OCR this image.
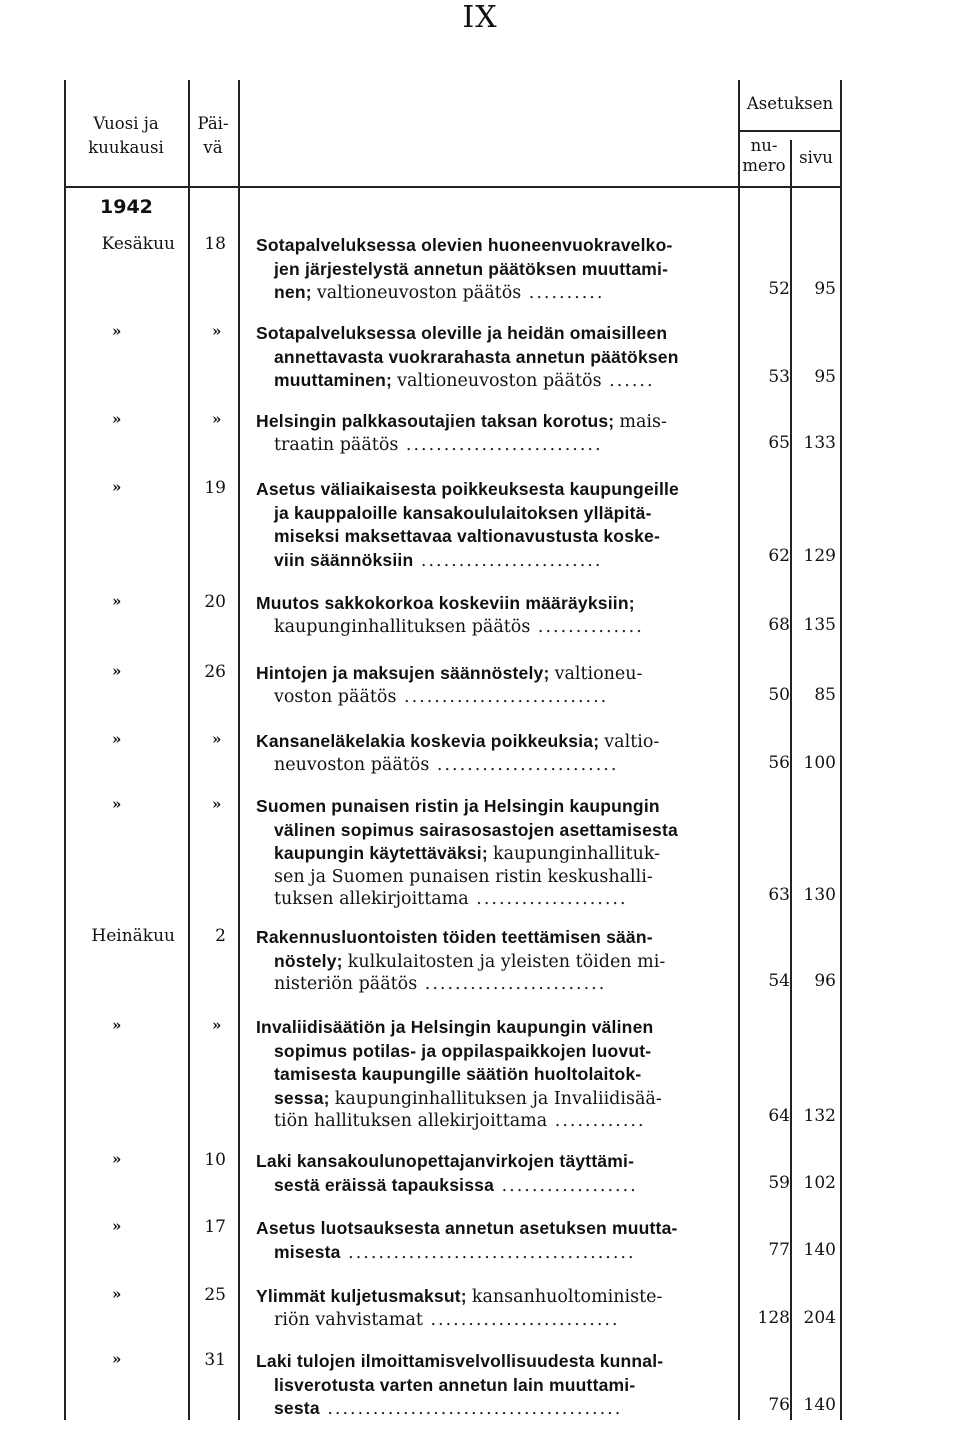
IX
Vuosi ja
kuukausi
Päi-
vä
Asetuksen
nu-
mero sivu
1942
Kesäkuu 18 Sotapalveluksessa olevien huoneenvuokravelko-
jen järjestelystä annetun päätöksen muuttami-
nen; valtioneuvoston päätös ..........	52 95
»	» Sotapalveluksessa oleville ja heidän omaisilleen
annettavasta vuokrarahasta annetun päätöksen
muuttaminen; valtioneuvoston päätös ......	53 95
»	» Helsingin palkkasoutajien taksan korotus; mais-
traatin päätös ..........................	65 133
»	19 Asetus väliaikaisesta poikkeuksesta kaupungeille
ja kauppaloille kansakoululaitoksen ylläpitä-
miseksi maksettavaa valtionavustusta koske-
viin säännöksiin ........................	62 129
»	20 Muutos sakkokorkoa koskeviin määräyksiin;
kaupunginhallituksen päätös ..............	68 135
»	26 Hintojen ja maksujen säännöstely; valtioneu-
voston päätös ...........................	50 85
»	» Kansaneläkelakia koskevia poikkeuksia; valtio-
neuvoston päätös ........................	56 100
»	» Suomen punaisen ristin ja Helsingin kaupungin
välinen sopimus sairasosastojen asettamisesta
kaupungin käytettäväksi; kaupunginhallituk-
sen ja Suomen punaisen ristin keskushalli-
tuksen allekirjoittama ....................	63 130
Heinäkuu 2 Rakennusluontoisten töiden teettämisen sään-
nöstely; kulkulaitosten ja yleisten töiden mi-
nisteriön päätös ........................	54 96
»	» Invaliidisäätiön ja Helsingin kaupungin välinen
sopimus potilas- ja oppilaspaikkojen luovut-
tamisesta kaupungille säätiön huoltolaitok-
sessa; kaupunginhallituksen ja Invaliidisää-
tiön hallituksen allekirjoittama ............	64 132
»	10 Laki kansakoulunopettajanvirkojen täyttämi-
sestä eräissä tapauksissa ..................	59 102
»	17 Asetus luotsauksesta annetun asetuksen muutta-
misesta ......................................	77 140
»	25 Ylimmät kuljetusmaksut; kansanhuoltoministe-
riön vahvistamat .........................	128 204
»	31 Laki tulojen ilmoittamisvelvollisuudesta kunnal-
lisverotusta varten annetun lain muuttami-
sesta .......................................	76 140
